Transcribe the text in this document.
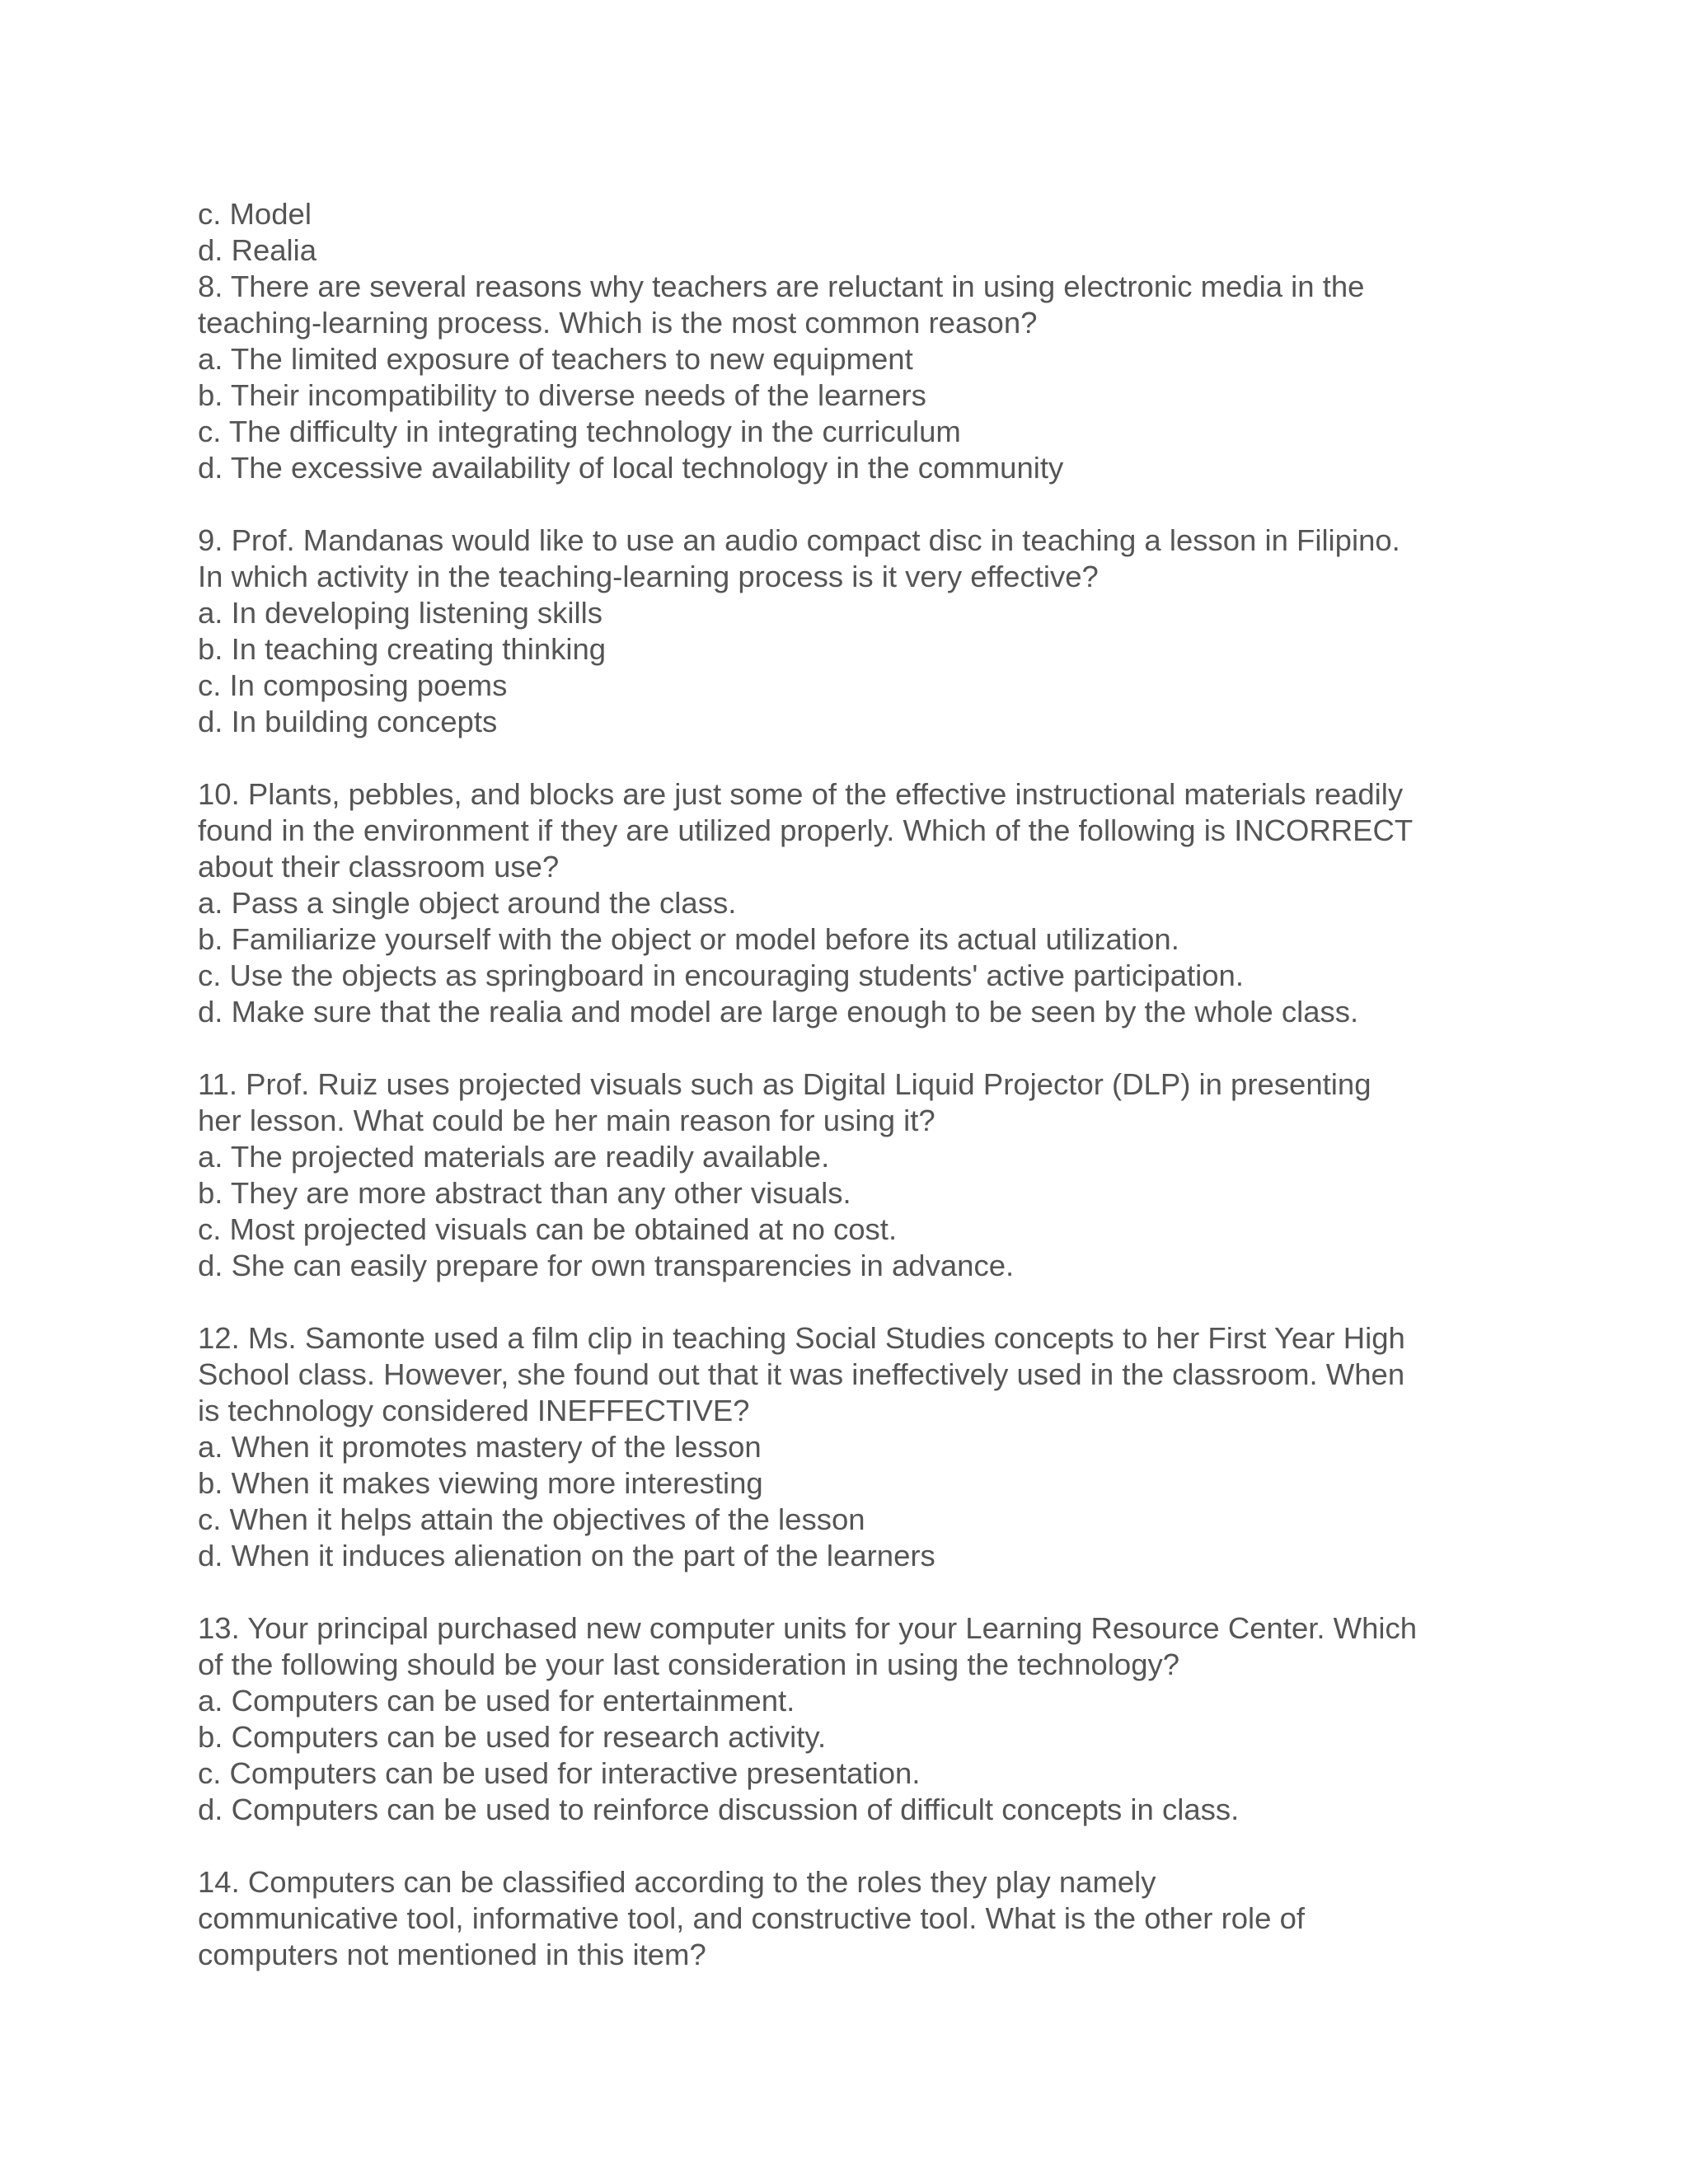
c. Model
d. Realia
8. There are several reasons why teachers are reluctant in using electronic media in the
teaching-learning process. Which is the most common reason?
a. The limited exposure of teachers to new equipment
b. Their incompatibility to diverse needs of the learners
c. The difficulty in integrating technology in the curriculum
d. The excessive availability of local technology in the community
9. Prof. Mandanas would like to use an audio compact disc in teaching a lesson in Filipino.
In which activity in the teaching-learning process is it very effective?
a. In developing listening skills
b. In teaching creating thinking
c. In composing poems
d. In building concepts
10. Plants, pebbles, and blocks are just some of the effective instructional materials readily
found in the environment if they are utilized properly. Which of the following is INCORRECT
about their classroom use?
a. Pass a single object around the class.
b. Familiarize yourself with the object or model before its actual utilization.
c. Use the objects as springboard in encouraging students' active participation.
d. Make sure that the realia and model are large enough to be seen by the whole class.
11. Prof. Ruiz uses projected visuals such as Digital Liquid Projector (DLP) in presenting
her lesson. What could be her main reason for using it?
a. The projected materials are readily available.
b. They are more abstract than any other visuals.
c. Most projected visuals can be obtained at no cost.
d. She can easily prepare for own transparencies in advance.
12. Ms. Samonte used a film clip in teaching Social Studies concepts to her First Year High
School class. However, she found out that it was ineffectively used in the classroom. When
is technology considered INEFFECTIVE?
a. When it promotes mastery of the lesson
b. When it makes viewing more interesting
c. When it helps attain the objectives of the lesson
d. When it induces alienation on the part of the learners
13. Your principal purchased new computer units for your Learning Resource Center. Which
of the following should be your last consideration in using the technology?
a. Computers can be used for entertainment.
b. Computers can be used for research activity.
c. Computers can be used for interactive presentation.
d. Computers can be used to reinforce discussion of difficult concepts in class.
14. Computers can be classified according to the roles they play namely
communicative tool, informative tool, and constructive tool. What is the other role of
computers not mentioned in this item?
